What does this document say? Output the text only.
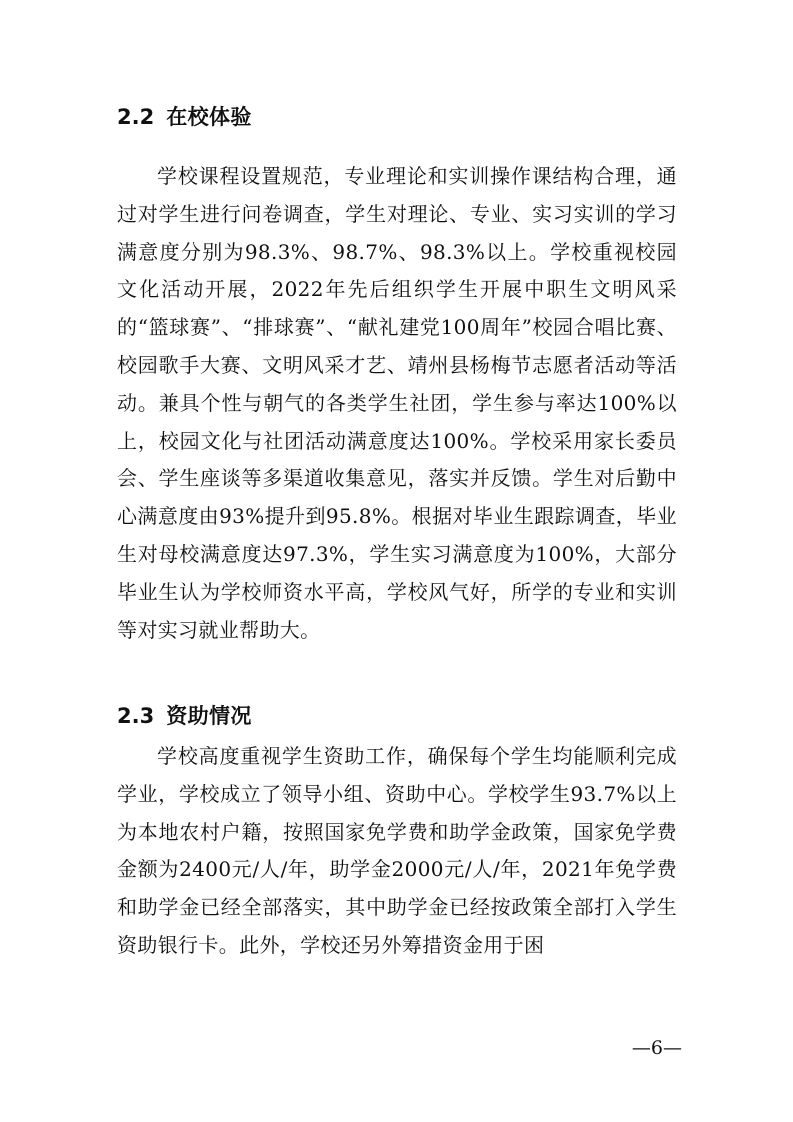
2.2 在校体验

学校课程设置规范，专业理论和实训操作课结构合理，通过对学生进行问卷调查，学生对理论、专业、实习实训的学习满意度分别为98.3%、98.7%、98.3%以上。学校重视校园文化活动开展，2022年先后组织学生开展中职生文明风采的“篮球赛”、“排球赛”、“献礼建党100周年”校园合唱比赛、校园歌手大赛、文明风采才艺、靖州县杨梅节志愿者活动等活动。兼具个性与朝气的各类学生社团，学生参与率达100%以上，校园文化与社团活动满意度达100%。学校采用家长委员会、学生座谈等多渠道收集意见，落实并反馈。学生对后勤中心满意度由93%提升到95.8%。根据对毕业生跟踪调查，毕业生对母校满意度达97.3%，学生实习满意度为100%，大部分毕业生认为学校师资水平高，学校风气好，所学的专业和实训等对实习就业帮助大。

2.3 资助情况

学校高度重视学生资助工作，确保每个学生均能顺利完成学业，学校成立了领导小组、资助中心。学校学生93.7%以上为本地农村户籍，按照国家免学费和助学金政策，国家免学费金额为2400元/人/年，助学金2000元/人/年，2021年免学费和助学金已经全部落实，其中助学金已经按政策全部打入学生资助银行卡。此外，学校还另外筹措资金用于困

—6—
